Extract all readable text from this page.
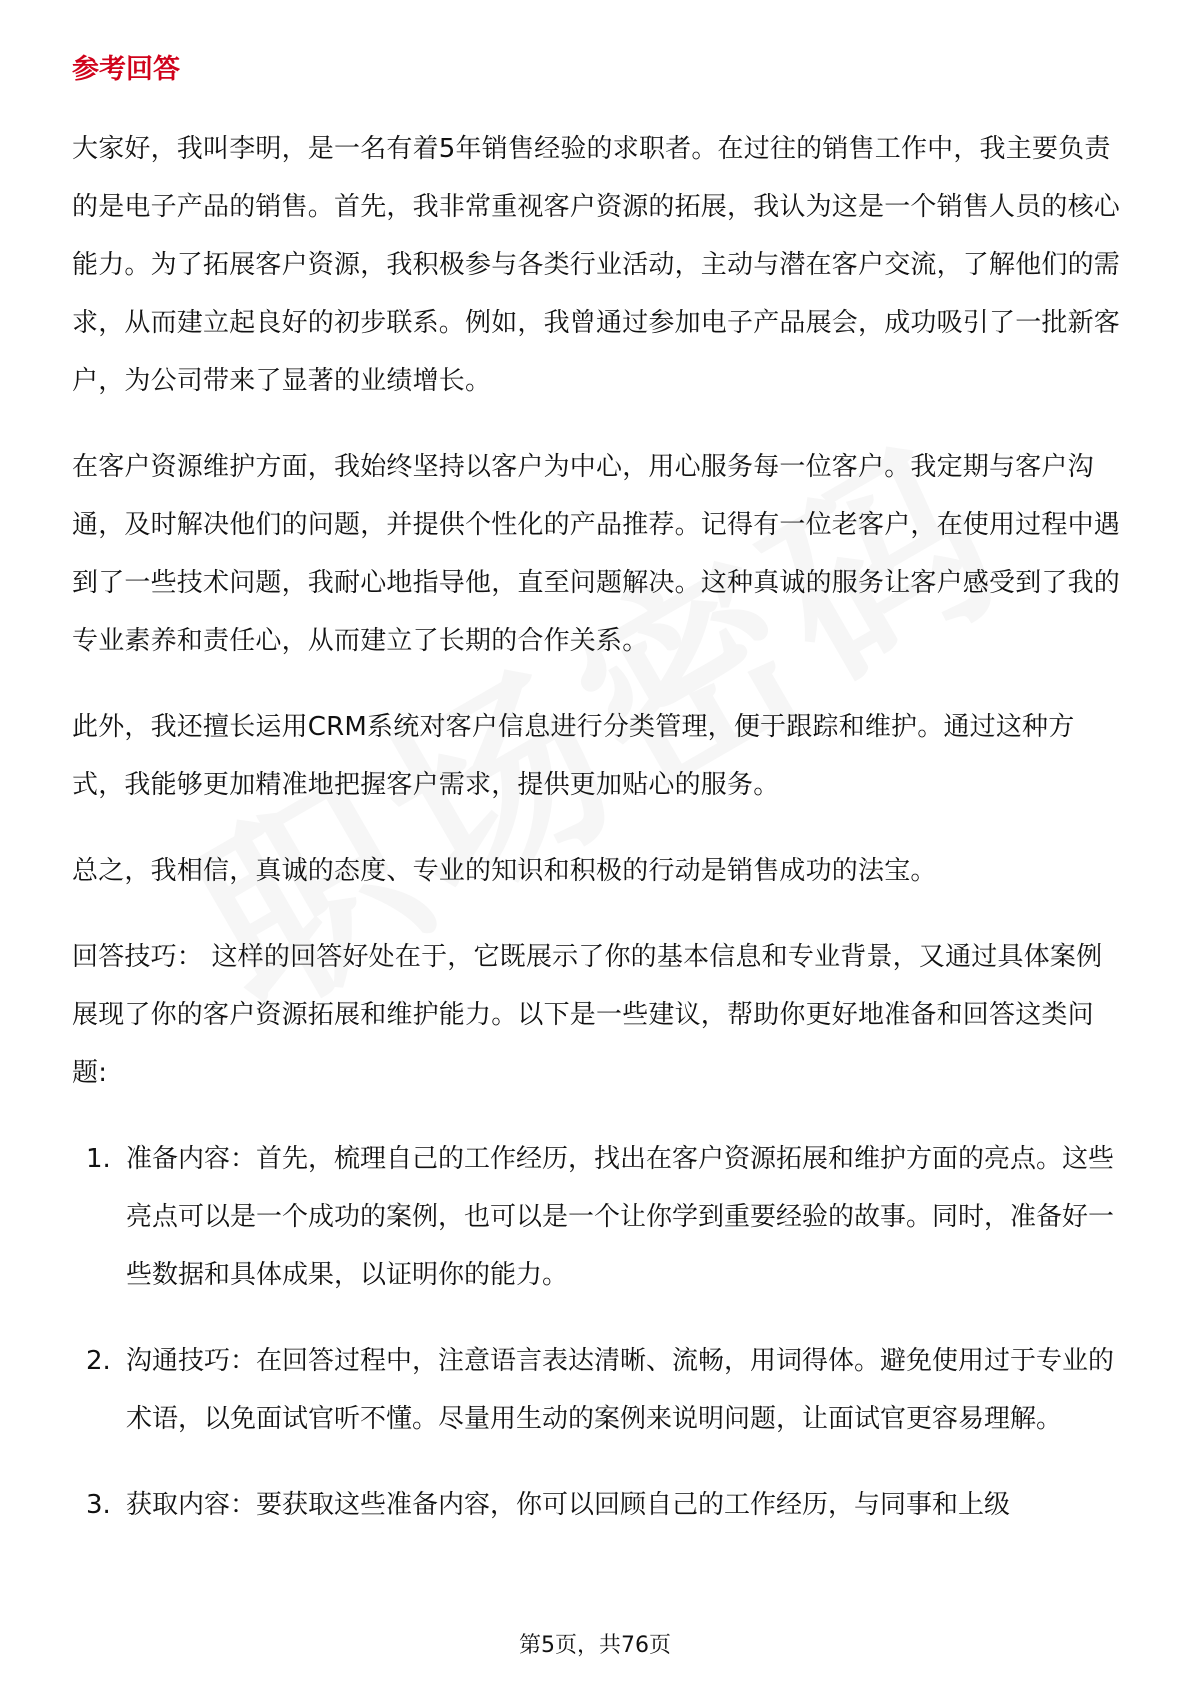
参考回答

大家好，我叫李明，是一名有着5年销售经验的求职者。在过往的销售工作中，我主要负责的是电子产品的销售。首先，我非常重视客户资源的拓展，我认为这是一个销售人员的核心能力。为了拓展客户资源，我积极参与各类行业活动，主动与潜在客户交流，了解他们的需求，从而建立起良好的初步联系。例如，我曾通过参加电子产品展会，成功吸引了一批新客户，为公司带来了显著的业绩增长。

在客户资源维护方面，我始终坚持以客户为中心，用心服务每一位客户。我定期与客户沟通，及时解决他们的问题，并提供个性化的产品推荐。记得有一位老客户，在使用过程中遇到了一些技术问题，我耐心地指导他，直至问题解决。这种真诚的服务让客户感受到了我的专业素养和责任心，从而建立了长期的合作关系。

此外，我还擅长运用CRM系统对客户信息进行分类管理，便于跟踪和维护。通过这种方式，我能够更加精准地把握客户需求，提供更加贴心的服务。

总之，我相信，真诚的态度、专业的知识和积极的行动是销售成功的法宝。

回答技巧： 这样的回答好处在于，它既展示了你的基本信息和专业背景，又通过具体案例展现了你的客户资源拓展和维护能力。以下是一些建议，帮助你更好地准备和回答这类问题:

1. 准备内容：首先，梳理自己的工作经历，找出在客户资源拓展和维护方面的亮点。这些亮点可以是一个成功的案例，也可以是一个让你学到重要经验的故事。同时，准备好一些数据和具体成果，以证明你的能力。
2. 沟通技巧：在回答过程中，注意语言表达清晰、流畅，用词得体。避免使用过于专业的术语，以免面试官听不懂。尽量用生动的案例来说明问题，让面试官更容易理解。
3. 获取内容：要获取这些准备内容，你可以回顾自己的工作经历，与同事和上级
第5页，共76页
